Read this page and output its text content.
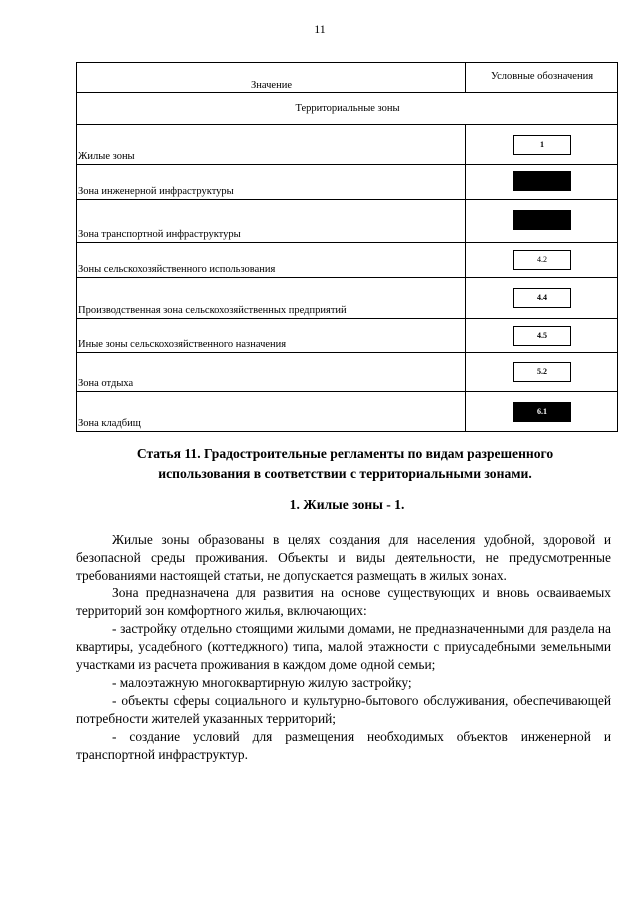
11
Значение	Условные обозначения
Территориальные зоны	
Жилые зоны	1
Зона инженерной инфраструктуры	
Зона транспортной инфраструктуры	
Зоны сельскохозяйственного использования	4.2
Производственная зона сельскохозяйственных предприятий	4.4
Иные зоны сельскохозяйственного назначения	4.5
Зона отдыха	5.2
Зона кладбищ	6.1
Статья 11. Градостроительные регламенты по видам разрешенного использования в соответствии с территориальными зонами.
1. Жилые зоны - 1.

Жилые зоны образованы в целях создания для населения удобной, здоровой и безопасной среды проживания. Объекты и виды деятельности, не предусмотренные требованиями настоящей статьи, не допускается размещать в жилых зонах.

Зона предназначена для развития на основе существующих и вновь осваиваемых территорий зон комфортного жилья, включающих:

- застройку отдельно стоящими жилыми домами, не предназначенными для раздела на квартиры, усадебного (коттеджного) типа, малой этажности с приусадебными земельными участками из расчета проживания в каждом доме одной семьи;

- малоэтажную многоквартирную жилую застройку;

- объекты сферы социального и культурно-бытового обслуживания, обеспечивающей потребности жителей указанных территорий;

- создание условий для размещения необходимых объектов инженерной и транспортной инфраструктур.
